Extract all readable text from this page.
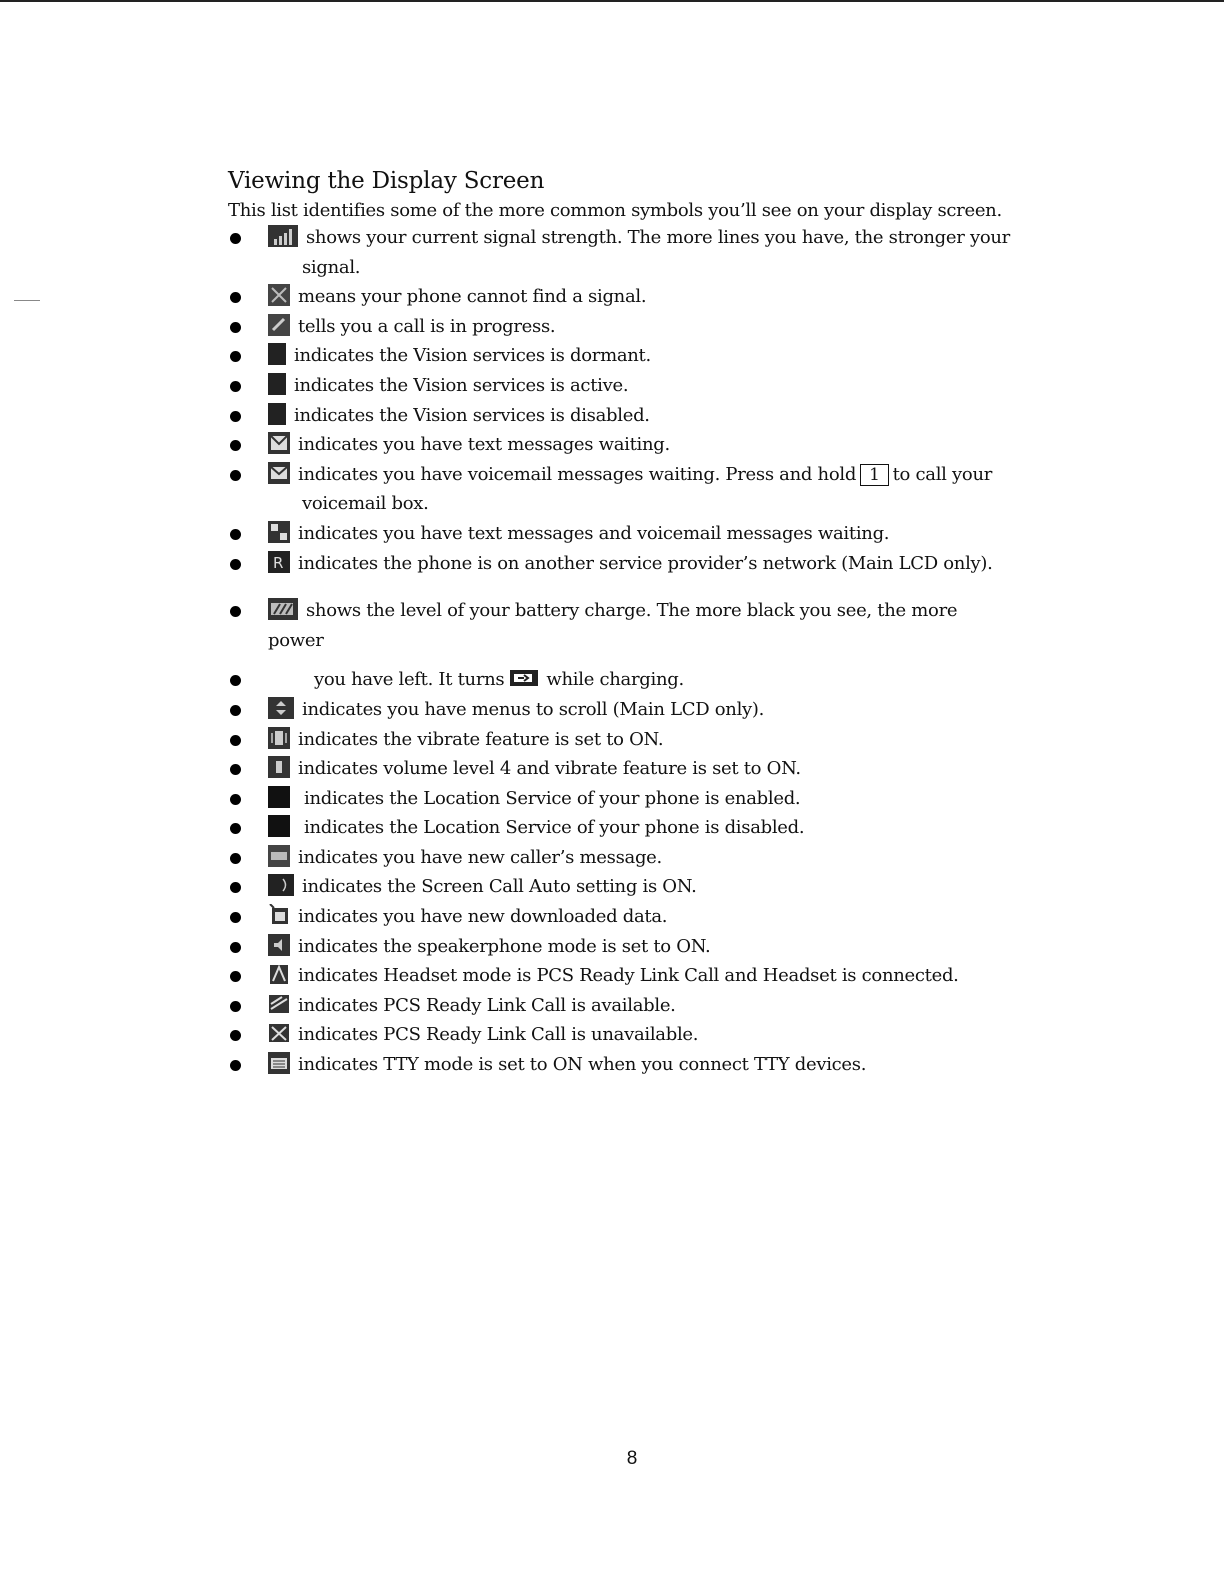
Viewing the Display Screen

This list identifies some of the more common symbols you’ll see on your display screen.

shows your current signal strength. The more lines you have, the stronger your
signal.
means your phone cannot find a signal.
tells you a call is in progress.
indicates the Vision services is dormant.
indicates the Vision services is active.
indicates the Vision services is disabled.
indicates you have text messages waiting.
indicates you have voicemail messages waiting. Press and hold 1 to call your
voicemail box.
indicates you have text messages and voicemail messages waiting.
R indicates the phone is on another service provider’s network (Main LCD only).
shows the level of your battery charge. The more black you see, the more power
you have left. It turns while charging.
indicates you have menus to scroll (Main LCD only).
indicates the vibrate feature is set to ON.
indicates volume level 4 and vibrate feature is set to ON.
indicates the Location Service of your phone is enabled.
indicates the Location Service of your phone is disabled.
indicates you have new caller’s message.
indicates the Screen Call Auto setting is ON.
indicates you have new downloaded data.
indicates the speakerphone mode is set to ON.
indicates Headset mode is PCS Ready Link Call and Headset is connected.
indicates PCS Ready Link Call is available.
indicates PCS Ready Link Call is unavailable.
indicates TTY mode is set to ON when you connect TTY devices.
8
